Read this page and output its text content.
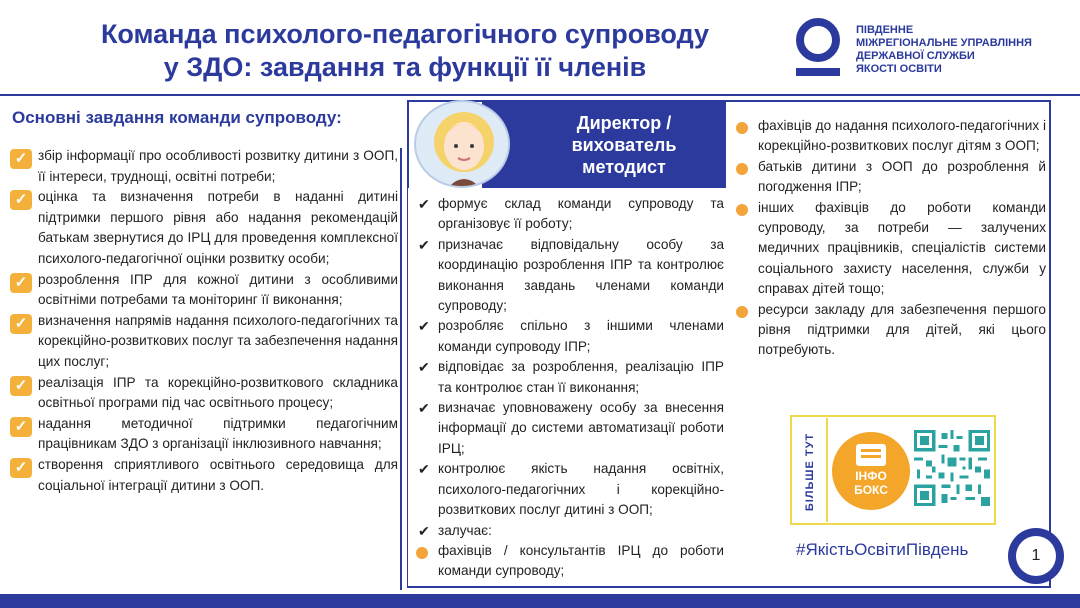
Команда психолого-педагогічного супроводу
у ЗДО: завдання та функції її членів
ПІВДЕННЕ
МІЖРЕГІОНАЛЬНЕ УПРАВЛІННЯ
ДЕРЖАВНОЇ СЛУЖБИ
ЯКОСТІ ОСВІТИ
Основні завдання команди супроводу:
✓ збір інформації про особливості розвитку дитини з ООП, її інтереси, труднощі, освітні потреби;
✓ оцінка та визначення потреби в наданні дитині підтримки першого рівня або надання рекомендацій батькам звернутися до ІРЦ для проведення комплексної психолого-педагогічної оцінки розвитку особи;
✓ розроблення ІПР для кожної дитини з особливими освітніми потребами та моніторинг її виконання;
✓ визначення напрямів надання психолого-педагогічних та корекційно-розвиткових послуг та забезпечення надання цих послуг;
✓ реалізація ІПР та корекційно-розвиткового складника освітньої програми під час освітнього процесу;
✓ надання методичної підтримки педагогічним працівникам ЗДО з організації інклюзивного навчання;
✓ створення сприятливого освітнього середовища для соціальної інтеграції дитини з ООП.
Директор /
вихователь
методист
✔ формує склад команди супроводу та організовує її роботу;
✔ призначає відповідальну особу за координацію розроблення ІПР та контролює виконання завдань членами команди супроводу;
✔ розробляє спільно з іншими членами команди супроводу ІПР;
✔ відповідає за розроблення, реалізацію ІПР та контролює стан її виконання;
✔ визначає уповноважену особу за внесення інформації до системи автоматизації роботи ІРЦ;
✔ контролює якість надання освітніх, психолого-педагогічних і корекційно-розвиткових послуг дитині з ООП;
✔ залучає:
фахівців / консультантів ІРЦ до роботи команди супроводу;
фахівців до надання психолого-педагогічних і корекційно-розвиткових послуг дітям з ООП;
батьків дитини з ООП до розроблення й погодження ІПР;
інших фахівців до роботи команди супроводу, за потреби — залучених медичних працівників, спеціалістів системи соціального захисту населення, служби у справах дітей тощо;
ресурси закладу для забезпечення першого рівня підтримки для дітей, які цього потребують.
БІЛЬШЕ ТУТ	ІНФО
БОКС
#ЯкістьОсвітиПівдень	1
